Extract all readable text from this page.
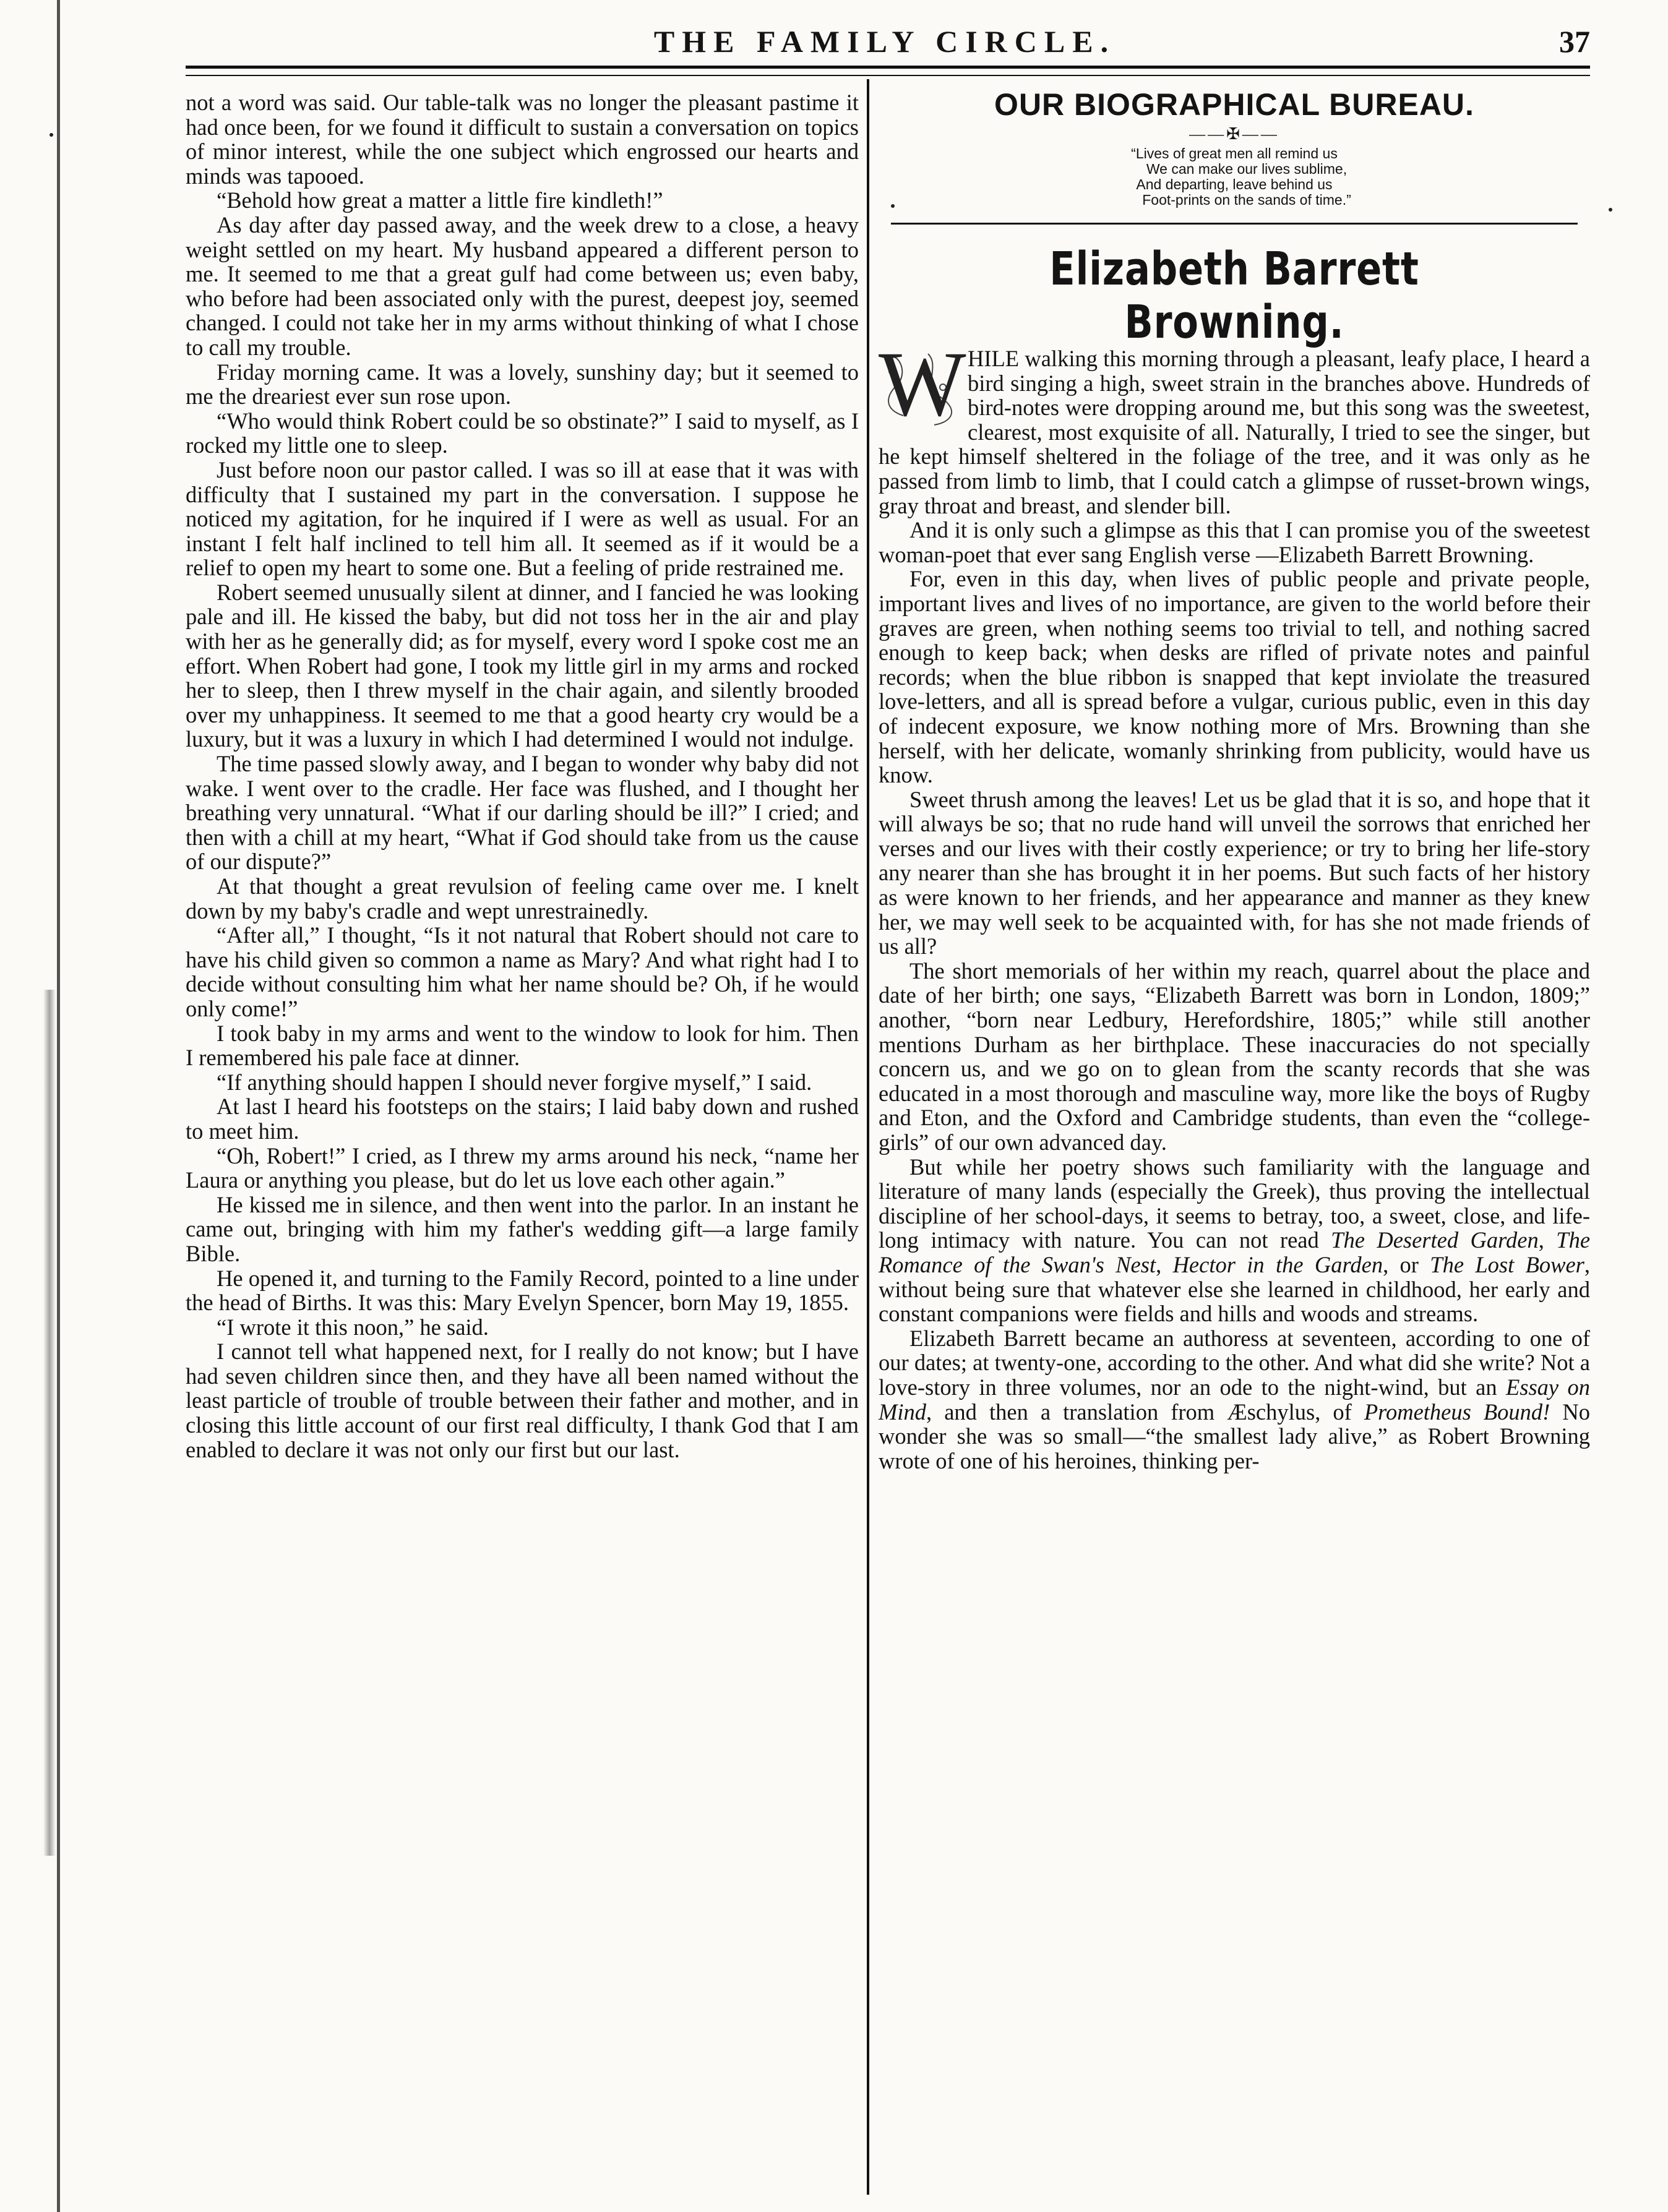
THE FAMILY CIRCLE.	37

not a word was said. Our table-talk was no longer the pleasant pastime it had once been, for we found it difficult to sustain a conversation on topics of minor interest, while the one subject which engrossed our hearts and minds was tapooed.

“Behold how great a matter a little fire kindleth!”

As day after day passed away, and the week drew to a close, a heavy weight settled on my heart. My husband appeared a different person to me. It seemed to me that a great gulf had come between us; even baby, who before had been associated only with the purest, deepest joy, seemed changed. I could not take her in my arms without thinking of what I chose to call my trouble.

Friday morning came. It was a lovely, sunshiny day; but it seemed to me the dreariest ever sun rose upon.

“Who would think Robert could be so obstinate?” I said to myself, as I rocked my little one to sleep.

Just before noon our pastor called. I was so ill at ease that it was with difficulty that I sustained my part in the conversation. I suppose he noticed my agitation, for he inquired if I were as well as usual. For an instant I felt half inclined to tell him all. It seemed as if it would be a relief to open my heart to some one. But a feeling of pride restrained me.

Robert seemed unusually silent at dinner, and I fancied he was looking pale and ill. He kissed the baby, but did not toss her in the air and play with her as he generally did; as for myself, every word I spoke cost me an effort. When Robert had gone, I took my little girl in my arms and rocked her to sleep, then I threw myself in the chair again, and silently brooded over my unhappiness. It seemed to me that a good hearty cry would be a luxury, but it was a luxury in which I had determined I would not indulge.

The time passed slowly away, and I began to wonder why baby did not wake. I went over to the cradle. Her face was flushed, and I thought her breathing very unnatural. “What if our darling should be ill?” I cried; and then with a chill at my heart, “What if God should take from us the cause of our dispute?”

At that thought a great revulsion of feeling came over me. I knelt down by my baby's cradle and wept unrestrainedly.

“After all,” I thought, “Is it not natural that Robert should not care to have his child given so common a name as Mary? And what right had I to decide without consulting him what her name should be? Oh, if he would only come!”

I took baby in my arms and went to the window to look for him. Then I remembered his pale face at dinner.

“If anything should happen I should never forgive myself,” I said.

At last I heard his footsteps on the stairs; I laid baby down and rushed to meet him.

“Oh, Robert!” I cried, as I threw my arms around his neck, “name her Laura or anything you please, but do let us love each other again.”

He kissed me in silence, and then went into the parlor. In an instant he came out, bringing with him my father's wedding gift—a large family Bible.

He opened it, and turning to the Family Record, pointed to a line under the head of Births. It was this: Mary Evelyn Spencer, born May 19, 1855.

“I wrote it this noon,” he said.

I cannot tell what happened next, for I really do not know; but I have had seven children since then, and they have all been named without the least particle of trouble of trouble between their father and mother, and in closing this little account of our first real difficulty, I thank God that I am enabled to declare it was not only our first but our last.

OUR BIOGRAPHICAL BUREAU.
——✠——
“Lives of great men all remind us
We can make our lives sublime,
And departing, leave behind us
Foot-prints on the sands of time.”
Elizabeth Barrett Browning.

W HILE walking this morning through a pleasant, leafy place, I heard a bird singing a high, sweet strain in the branches above. Hundreds of bird-notes were dropping around me, but this song was the sweetest, clearest, most exquisite of all. Naturally, I tried to see the singer, but he kept himself sheltered in the foliage of the tree, and it was only as he passed from limb to limb, that I could catch a glimpse of russet-brown wings, gray throat and breast, and slender bill.

And it is only such a glimpse as this that I can promise you of the sweetest woman-poet that ever sang English verse —Elizabeth Barrett Browning.

For, even in this day, when lives of public people and private people, important lives and lives of no importance, are given to the world before their graves are green, when nothing seems too trivial to tell, and nothing sacred enough to keep back; when desks are rifled of private notes and painful records; when the blue ribbon is snapped that kept inviolate the treasured love-letters, and all is spread before a vulgar, curious public, even in this day of indecent exposure, we know nothing more of Mrs. Browning than she herself, with her delicate, womanly shrinking from publicity, would have us know.

Sweet thrush among the leaves! Let us be glad that it is so, and hope that it will always be so; that no rude hand will unveil the sorrows that enriched her verses and our lives with their costly experience; or try to bring her life-story any nearer than she has brought it in her poems. But such facts of her history as were known to her friends, and her appearance and manner as they knew her, we may well seek to be acquainted with, for has she not made friends of us all?

The short memorials of her within my reach, quarrel about the place and date of her birth; one says, “Elizabeth Barrett was born in London, 1809;” another, “born near Ledbury, Herefordshire, 1805;” while still another mentions Durham as her birthplace. These inaccuracies do not specially concern us, and we go on to glean from the scanty records that she was educated in a most thorough and masculine way, more like the boys of Rugby and Eton, and the Oxford and Cambridge students, than even the “college-girls” of our own advanced day.

But while her poetry shows such familiarity with the language and literature of many lands (especially the Greek), thus proving the intellectual discipline of her school-days, it seems to betray, too, a sweet, close, and life-long intimacy with nature. You can not read The Deserted Garden, The Romance of the Swan's Nest, Hector in the Garden, or The Lost Bower, without being sure that whatever else she learned in childhood, her early and constant companions were fields and hills and woods and streams.

Elizabeth Barrett became an authoress at seventeen, according to one of our dates; at twenty-one, according to the other. And what did she write? Not a love-story in three volumes, nor an ode to the night-wind, but an Essay on Mind, and then a translation from Æschylus, of Prometheus Bound! No wonder she was so small—“the smallest lady alive,” as Robert Browning wrote of one of his heroines, thinking per-
